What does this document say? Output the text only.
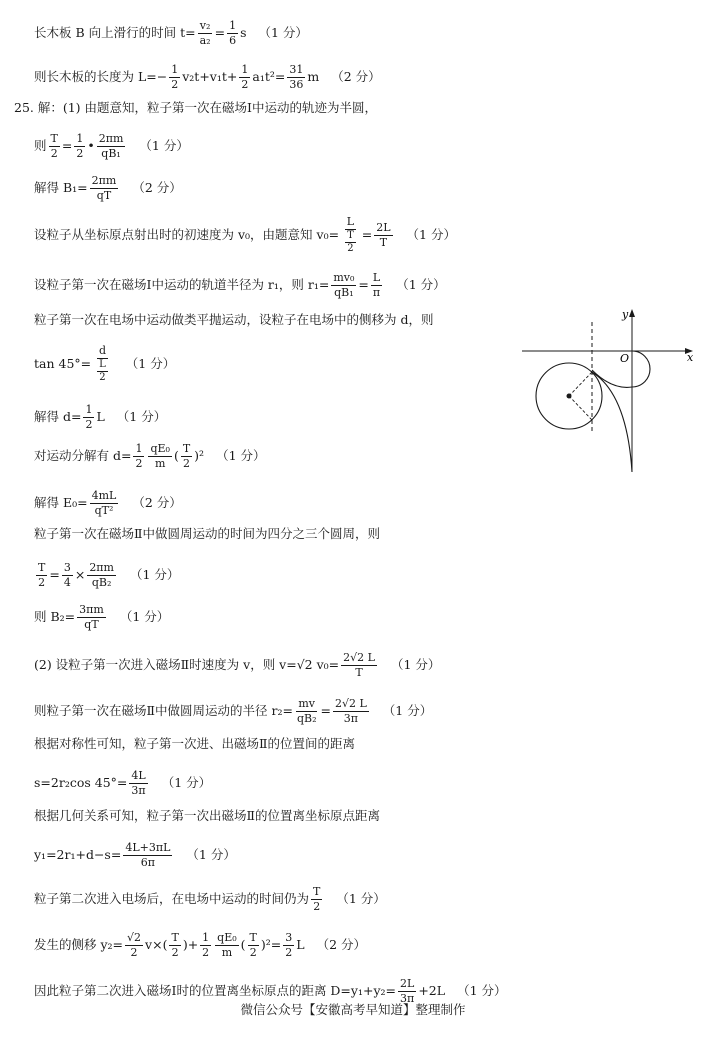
长木板 B 向上滑行的时间 $t= \frac{\text{v₂}}{\text{a₂}} = \frac{1}{6}$ s （1 分）
则长木板的长度为 $L=- \frac{1}{2} v_2t+v_1t+ \frac{1}{2} a_1t^2= \frac{31}{36}$ m （2 分）
25. 解：(1) 由题意知，粒子第一次在磁场Ⅰ中运动的轨迹为半圆，
则 $\frac{T}{2} = \frac{1}{2}$ • $\frac{2\pi m}{\text{qB₁}} (1$ 分）
解得 $B_1= \frac{2\pi m}{qT} (2$ 分）
设粒子从坐标原点射出时的初速度为 v₀，由题意知 $v_0= \frac{L}{\frac{T}{2}} = \frac{2L}{T} (1$ 分）
设粒子第一次在磁场Ⅰ中运动的轨道半径为 r₁，则 $r_1= \frac{\text{mv₀}}{\text{qB₁}} = \frac{L}{\pi} (1$ 分）
粒子第一次在电场中运动做类平抛运动，设粒子在电场中的侧移为 d，则
$\tan 45^\circ= \frac{d}{\frac{L}{2}} (1$ 分）
解得 $d= \frac{1}{2}$ L （1 分）
对运动分解有 $d= \frac{1}{2} \frac{\text{qE₀}}{m}$ ( $\frac{T}{2} )^2$ （1 分）
解得 $E_0= \frac{4mL}{\text{qT²}} (2$ 分）
粒子第一次在磁场Ⅱ中做圆周运动的时间为四分之三个圆周，则
$\frac{T}{2} = \frac{3}{4} \times \frac{2\pi m}{\text{qB₂}} (1$ 分）
则 $B_2= \frac{3\pi m}{qT} (1$ 分）
(2) 设粒子第一次进入磁场Ⅱ时速度为 v，则 v=√2 $v_0= \frac{2√2 L}{T} (1$ 分）
则粒子第一次在磁场Ⅱ中做圆周运动的半径 $r_2= \frac{mv}{\text{qB₂}} = \frac{2√2 L}{3\pi} (1$ 分）
根据对称性可知，粒子第一次进、出磁场Ⅱ的位置间的距离
s=2r₂cos $45^\circ= \frac{4L}{3\pi} (1$ 分）
根据几何关系可知，粒子第一次出磁场Ⅱ的位置离坐标原点距离
$y_1=2r_1+d-s= \frac{4L+3\pi L}{6\pi} (1$ 分）
粒子第二次进入电场后，在电场中运动的时间仍为 $\frac{T}{2} (1$ 分）
发生的侧移 $y_2= \frac{√2}{2} v\times( \frac{T}{2}$ )+ $\frac{1}{2} \frac{\text{qE₀}}{m}$ ( $\frac{T}{2} )^2= \frac{3}{2}$ L （2 分）
因此粒子第二次进入磁场Ⅰ时的位置离坐标原点的距离 $D=y_1+y_2= \frac{2L}{3\pi} +2L$ （1 分）
x
y
O
微信公众号【安徽高考早知道】整理制作
